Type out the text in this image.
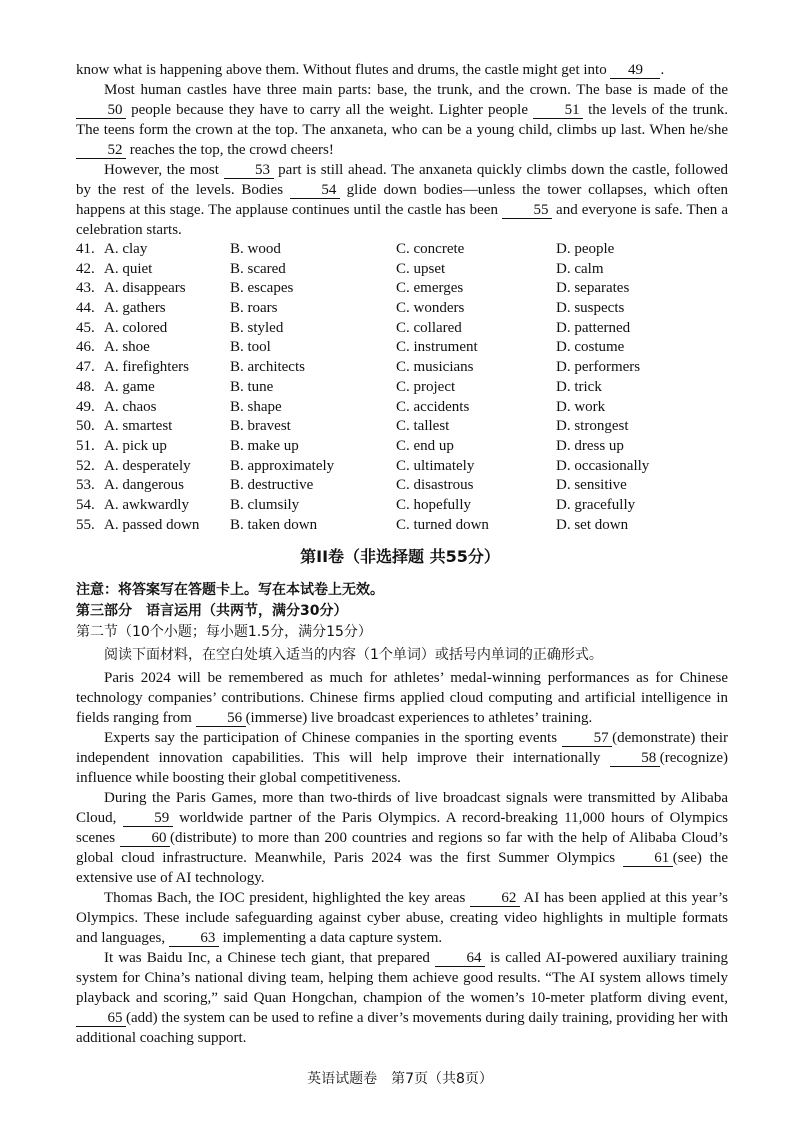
know what is happening above them. Without flutes and drums, the castle might get into 49 .

Most human castles have three main parts: base, the trunk, and the crown. The base is made of the 50 people because they have to carry all the weight. Lighter people 51 the levels of the trunk. The teens form the crown at the top. The anxaneta, who can be a young child, climbs up last. When he/she 52 reaches the top, the crowd cheers!

However, the most 53 part is still ahead. The anxaneta quickly climbs down the castle, followed by the rest of the levels. Bodies 54 glide down bodies—unless the tower collapses, which often happens at this stage. The applause continues until the castle has been 55 and everyone is safe. Then a celebration starts.

41. A. clay	B. wood	C. concrete	D. people
42. A. quiet	B. scared	C. upset	D. calm
43. A. disappears	B. escapes	C. emerges	D. separates
44. A. gathers	B. roars	C. wonders	D. suspects
45. A. colored	B. styled	C. collared	D. patterned
46. A. shoe	B. tool	C. instrument	D. costume
47. A. firefighters	B. architects	C. musicians	D. performers
48. A. game	B. tune	C. project	D. trick
49. A. chaos	B. shape	C. accidents	D. work
50. A. smartest	B. bravest	C. tallest	D. strongest
51. A. pick up	B. make up	C. end up	D. dress up
52. A. desperately	B. approximately	C. ultimately	D. occasionally
53. A. dangerous	B. destructive	C. disastrous	D. sensitive
54. A. awkwardly	B. clumsily	C. hopefully	D. gracefully
55. A. passed down	B. taken down	C. turned down	D. set down
第II卷（非选择题 共55分）
注意：将答案写在答题卡上。写在本试卷上无效。
第三部分　语言运用（共两节，满分30分）
第二节（10个小题；每小题1.5分，满分15分）
阅读下面材料，在空白处填入适当的内容（1个单词）或括号内单词的正确形式。

Paris 2024 will be remembered as much for athletes’ medal-winning performances as for Chinese technology companies’ contributions. Chinese firms applied cloud computing and artificial intelligence in fields ranging from 56 (immerse) live broadcast experiences to athletes’ training.

Experts say the participation of Chinese companies in the sporting events 57 (demonstrate) their independent innovation capabilities. This will help improve their internationally 58 (recognize) influence while boosting their global competitiveness.

During the Paris Games, more than two-thirds of live broadcast signals were transmitted by Alibaba Cloud, 59 worldwide partner of the Paris Olympics. A record-breaking 11,000 hours of Olympics scenes 60 (distribute) to more than 200 countries and regions so far with the help of Alibaba Cloud’s global cloud infrastructure. Meanwhile, Paris 2024 was the first Summer Olympics 61 (see) the extensive use of AI technology.

Thomas Bach, the IOC president, highlighted the key areas 62 AI has been applied at this year’s Olympics. These include safeguarding against cyber abuse, creating video highlights in multiple formats and languages, 63 implementing a data capture system.

It was Baidu Inc, a Chinese tech giant, that prepared 64 is called AI-powered auxiliary training system for China’s national diving team, helping them achieve good results. “The AI system allows timely playback and scoring,” said Quan Hongchan, champion of the women’s 10-meter platform diving event, 65 (add) the system can be used to refine a diver’s movements during daily training, providing her with additional coaching support.

英语试题卷　第7页（共8页）
